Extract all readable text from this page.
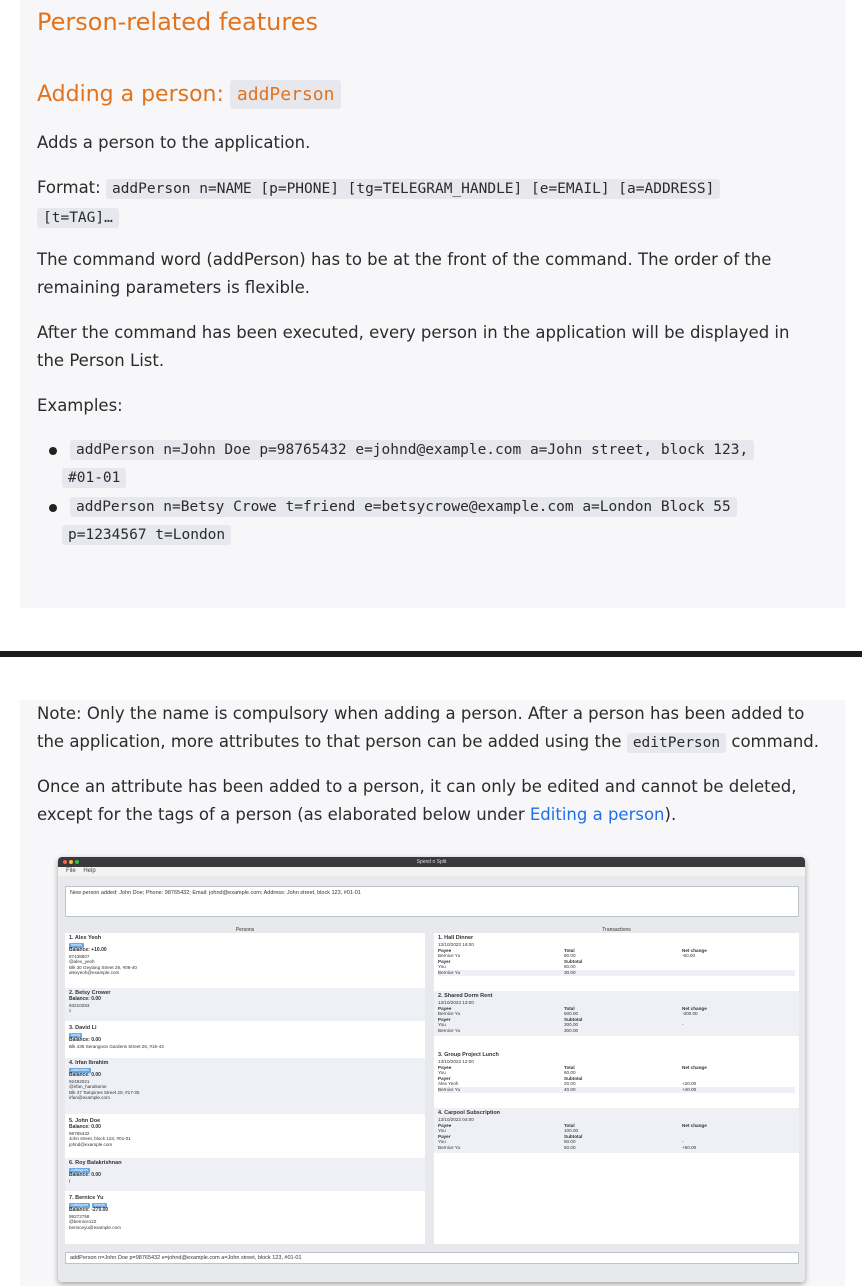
Person-related features
Adding a person: addPerson
Adds a person to the application.
Format: addPerson n=NAME [p=PHONE] [tg=TELEGRAM_HANDLE] [e=EMAIL] [a=ADDRESS]
[t=TAG]…
The command word (addPerson) has to be at the front of the command. The order of the remaining parameters is flexible.
After the command has been executed, every person in the application will be displayed in the Person List.
Examples:
addPerson n=John Doe p=98765432 e=johnd@example.com a=John street, block 123,
#01-01
addPerson n=Betsy Crowe t=friend e=betsycrowe@example.com a=London Block 55
p=1234567 t=London
Note: Only the name is compulsory when adding a person. After a person has been added to the application, more attributes to that person can be added using the editPerson command.
Once an attribute has been added to a person, it can only be edited and cannot be deleted, except for the tags of a person (as elaborated below under Editing a person).
Spend n Split
File Help
New person added: John Doe; Phone: 98765432; Email: johnd@example.com; Address: John street, block 123, #01-01
Persons	Transactions
1. Alex Yeoh
friends
Balance: +10.00
87438807
@alex_yeoh
Blk 30 Geylang Street 29, #06-40
alexyeoh@example.com
2. Betsy Crower
Balance: 0.00
93210283
c
3. David Li
family
Balance: 0.00
Blk 436 Serangoon Gardens Street 26, #16-43
4. Irfan Ibrahim
classmates
Balance: 0.00
92492021
@irfan_handsome
Blk 47 Tampines Street 20, #17-35
irfan@example.com
5. John Doe
Balance: 0.00
98765432
John street, block 123, #01-01
johnd@example.com
6. Roy Balakrishnan
colleagues
Balance: 0.00
f
7. Bernice Yu
colleagues friends
Balance: -270.00
99272758
@bernice122
berniceyu@example.com
1. Hall Dinner
13/10/2023 16:00
Payee	Total	Net change
Bernice Yu	90.00	-60.00
Payer	Subtotal
You	60.00
Bernice Yu	30.00
2. Shared Dorm Rent
13/10/2023 13:00
Payee	Total	Net change
Bernice Yu	600.00	-300.00
Payer	Subtotal
You	300.00	-
Bernice Yu	300.00
3. Group Project Lunch
13/10/2023 12:00
Payee	Total	Net change
You	60.00
Payer	Subtotal
Alex Yeoh	20.00	+20.00
Bernice Yu	40.00	+40.00
4. Carpool Subscription
13/10/2023 04:00
Payee	Total	Net change
You	100.00
Payer	Subtotal
You	50.00	-
Bernice Yu	50.00	+50.00
addPerson n=John Doe p=98765432 e=johnd@example.com a=John street, block 123, #01-01
